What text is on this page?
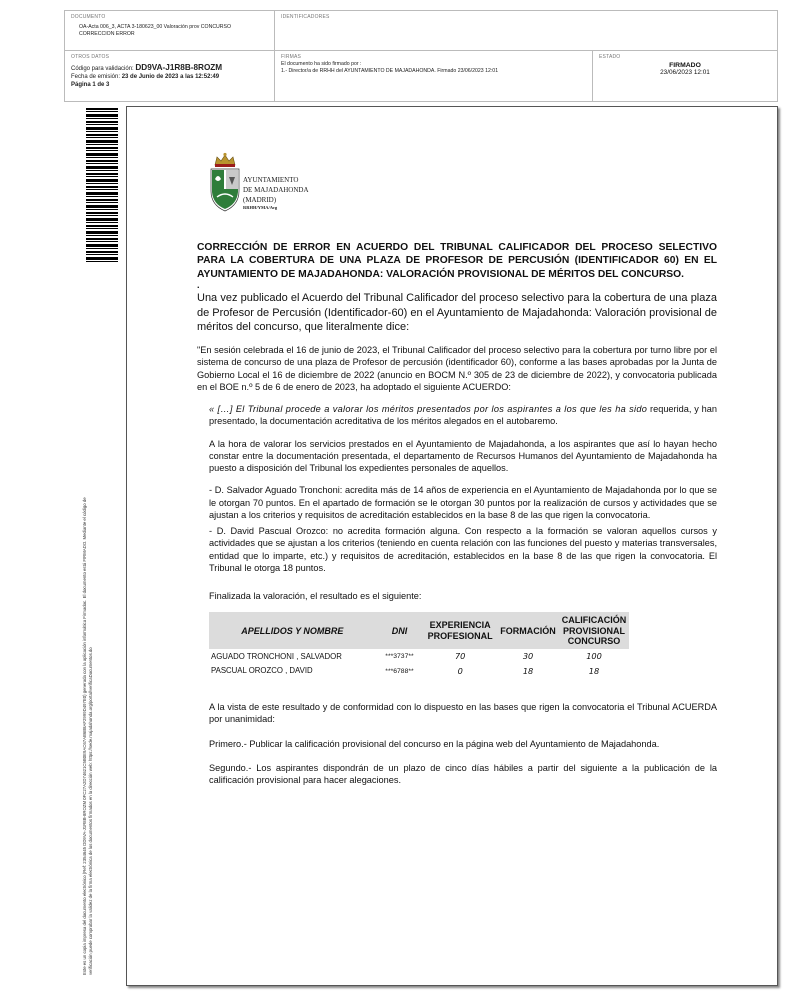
DOCUMENTO
OA-Acta 006_3, ACTA 3-180623_00 Valoración prov CONCURSO CORRECCION ERROR
IDENTIFICADORES
OTROS DATOS
Código para validación: DD9VA-J1R8B-8ROZM
Fecha de emisión: 23 de Junio de 2023 a las 12:52:49
Página 1 de 3
FIRMAS
El documento ha sido firmado por :
1.- Director/a de RRHH del AYUNTAMIENTO DE MAJADAHONDA. Firmado 23/06/2023 12:01
ESTADO
FIRMADO
23/06/2023 12:01
Este es un copia impresa del documento electrónico (Ref: 2354645 DD9VA-J1R8B-8ROZM 0FC27A2D74621C5B0E9AC67AB6B8AF2999D497E0) generada con la aplicación informática Firmadoc. El documento está FIRMADO. Mediante el código de verificación puede comprobar la validez de la firma electrónica de los documentos firmados en la dirección web: https://sede.majadahonda.org/portal/verificaDocumentos.do
AYUNTAMIENTO
DE MAJADAHONDA
(MADRID)
RRHH/YMA/Avg
CORRECCIÓN DE ERROR EN ACUERDO DEL TRIBUNAL CALIFICADOR DEL PROCESO SELECTIVO PARA LA COBERTURA DE UNA PLAZA DE PROFESOR DE PERCUSIÓN (IDENTIFICADOR 60) EN EL AYUNTAMIENTO DE MAJADAHONDA: VALORACIÓN PROVISIONAL DE MÉRITOS DEL CONCURSO.
.
Una vez publicado el Acuerdo del Tribunal Calificador del proceso selectivo para la cobertura de una plaza de Profesor de Percusión (Identificador-60) en el Ayuntamiento de Majadahonda: Valoración provisional de méritos del concurso, que literalmente dice:

"En sesión celebrada el 16 de junio de 2023, el Tribunal Calificador del proceso selectivo para la cobertura por turno libre por el sistema de concurso de una plaza de Profesor de percusión (identificador 60), conforme a las bases aprobadas por la Junta de Gobierno Local el 16 de diciembre de 2022 (anuncio en BOCM N.º 305 de 23 de diciembre de 2022), y convocatoria publicada en el BOE n.º 5 de 6 de enero de 2023, ha adoptado el siguiente ACUERDO:

« […] El Tribunal procede a valorar los méritos presentados por los aspirantes a los que les ha sido requerida, y han presentado, la documentación acreditativa de los méritos alegados en el autobaremo.

A la hora de valorar los servicios prestados en el Ayuntamiento de Majadahonda, a los aspirantes que así lo hayan hecho constar entre la documentación presentada, el departamento de Recursos Humanos del Ayuntamiento de Majadahonda ha puesto a disposición del Tribunal los expedientes personales de aquellos.

- D. Salvador Aguado Tronchoni: acredita más de 14 años de experiencia en el Ayuntamiento de Majadahonda por lo que se le otorgan 70 puntos. En el apartado de formación se le otorgan 30 puntos por la realización de cursos y actividades que se ajustan a los criterios y requisitos de acreditación establecidos en la base 8 de las que rigen la convocatoria.

- D. David Pascual Orozco: no acredita formación alguna. Con respecto a la formación se valoran aquellos cursos y actividades que se ajustan a los criterios (teniendo en cuenta relación con las funciones del puesto y materias transversales, entidad que lo imparte, etc.) y requisitos de acreditación, establecidos en la base 8 de las que rigen la convocatoria. El Tribunal le otorga 18 puntos.

Finalizada la valoración, el resultado es el siguiente:

APELLIDOS Y NOMBRE	DNI	EXPERIENCIA PROFESIONAL	FORMACIÓN	CALIFICACIÓN PROVISIONAL CONCURSO
AGUADO TRONCHONI , SALVADOR	***3737**	70	30	100
PASCUAL OROZCO , DAVID	***6788**	0	18	18

A la vista de este resultado y de conformidad con lo dispuesto en las bases que rigen la convocatoria el Tribunal ACUERDA por unanimidad:

Primero.- Publicar la calificación provisional del concurso en la página web del Ayuntamiento de Majadahonda.

Segundo.- Los aspirantes dispondrán de un plazo de cinco días hábiles a partir del siguiente a la publicación de la calificación provisional para hacer alegaciones.
